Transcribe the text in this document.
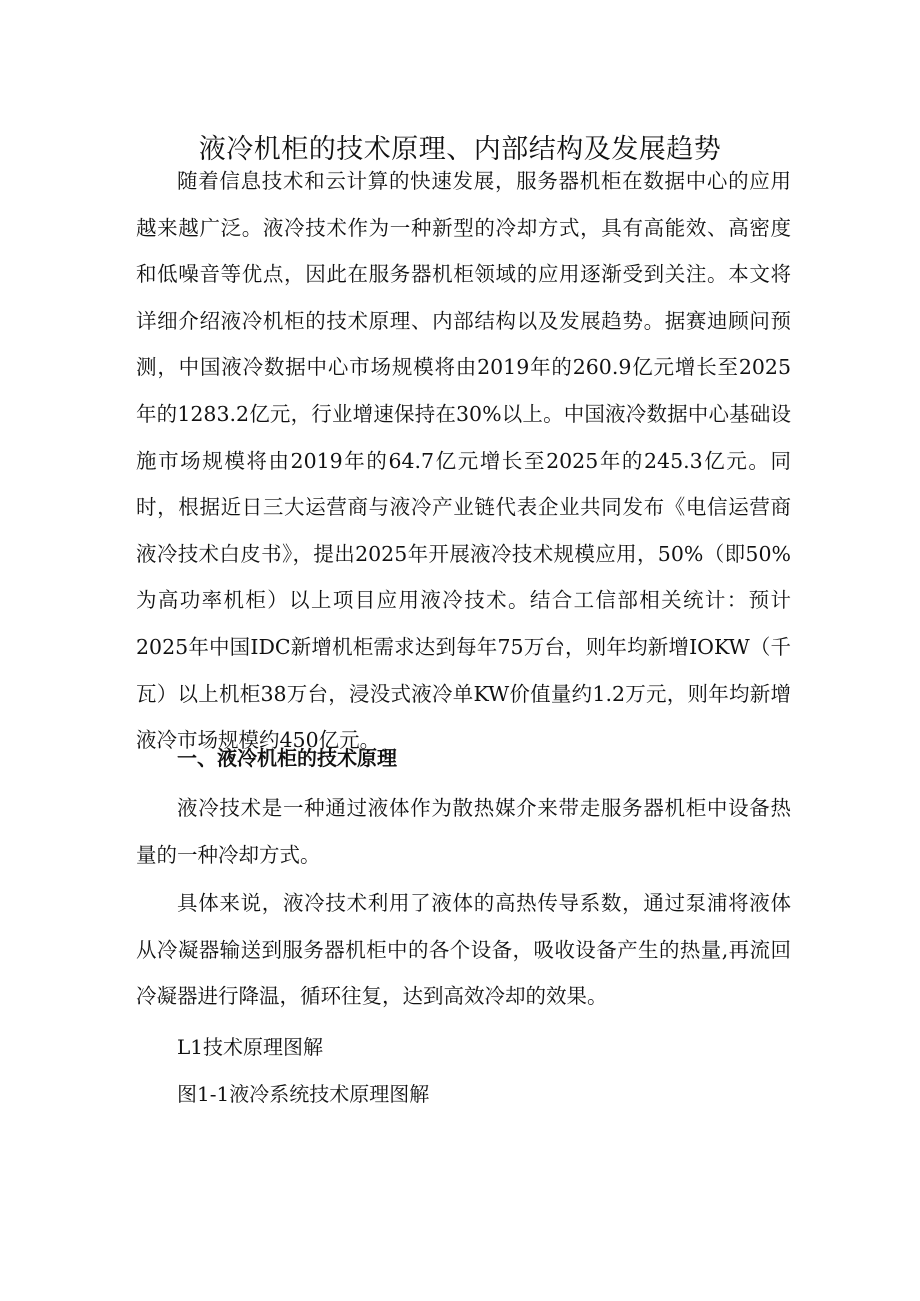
液冷机柜的技术原理、内部结构及发展趋势

随着信息技术和云计算的快速发展，服务器机柜在数据中心的应用越来越广泛。液冷技术作为一种新型的冷却方式，具有高能效、高密度和低噪音等优点，因此在服务器机柜领域的应用逐渐受到关注。本文将详细介绍液冷机柜的技术原理、内部结构以及发展趋势。据赛迪顾问预测，中国液冷数据中心市场规模将由2019年的260.9亿元增长至2025年的1283.2亿元，行业增速保持在30%以上。中国液冷数据中心基础设施市场规模将由2019年的64.7亿元增长至2025年的245.3亿元。同时，根据近日三大运营商与液冷产业链代表企业共同发布《电信运营商液冷技术白皮书》，提出2025年开展液冷技术规模应用，50%（即50%为高功率机柜）以上项目应用液冷技术。结合工信部相关统计：预计2025年中国IDC新增机柜需求达到每年75万台，则年均新增IOKW（千瓦）以上机柜38万台，浸没式液冷单KW价值量约1.2万元，则年均新增液冷市场规模约450亿元。

一、液冷机柜的技术原理

液冷技术是一种通过液体作为散热媒介来带走服务器机柜中设备热量的一种冷却方式。

具体来说，液冷技术利用了液体的高热传导系数，通过泵浦将液体从冷凝器输送到服务器机柜中的各个设备，吸收设备产生的热量,再流回冷凝器进行降温，循环往复，达到高效冷却的效果。

L1技术原理图解
图1-1液冷系统技术原理图解
